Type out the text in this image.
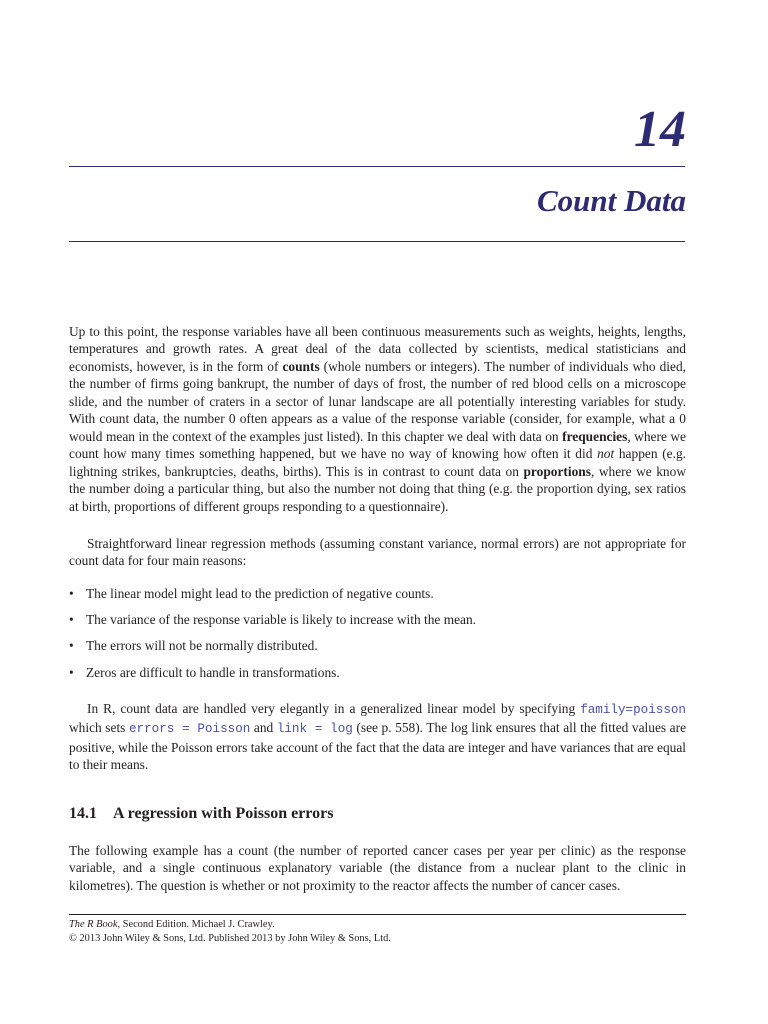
14
Count Data

Up to this point, the response variables have all been continuous measurements such as weights, heights, lengths, temperatures and growth rates. A great deal of the data collected by scientists, medical statisticians and economists, however, is in the form of counts (whole numbers or integers). The number of individuals who died, the number of firms going bankrupt, the number of days of frost, the number of red blood cells on a microscope slide, and the number of craters in a sector of lunar landscape are all potentially interesting variables for study. With count data, the number 0 often appears as a value of the response variable (consider, for example, what a 0 would mean in the context of the examples just listed). In this chapter we deal with data on frequencies, where we count how many times something happened, but we have no way of knowing how often it did not happen (e.g. lightning strikes, bankruptcies, deaths, births). This is in contrast to count data on proportions, where we know the number doing a particular thing, but also the number not doing that thing (e.g. the proportion dying, sex ratios at birth, proportions of different groups responding to a questionnaire).

Straightforward linear regression methods (assuming constant variance, normal errors) are not appropriate for count data for four main reasons:

• The linear model might lead to the prediction of negative counts.
• The variance of the response variable is likely to increase with the mean.
• The errors will not be normally distributed.
• Zeros are difficult to handle in transformations.

In R, count data are handled very elegantly in a generalized linear model by specifying family=poisson which sets errors = Poisson and link = log (see p. 558). The log link ensures that all the fitted values are positive, while the Poisson errors take account of the fact that the data are integer and have variances that are equal to their means.

14.1 A regression with Poisson errors

The following example has a count (the number of reported cancer cases per year per clinic) as the response variable, and a single continuous explanatory variable (the distance from a nuclear plant to the clinic in kilometres). The question is whether or not proximity to the reactor affects the number of cancer cases.

The R Book, Second Edition. Michael J. Crawley.
© 2013 John Wiley & Sons, Ltd. Published 2013 by John Wiley & Sons, Ltd.
